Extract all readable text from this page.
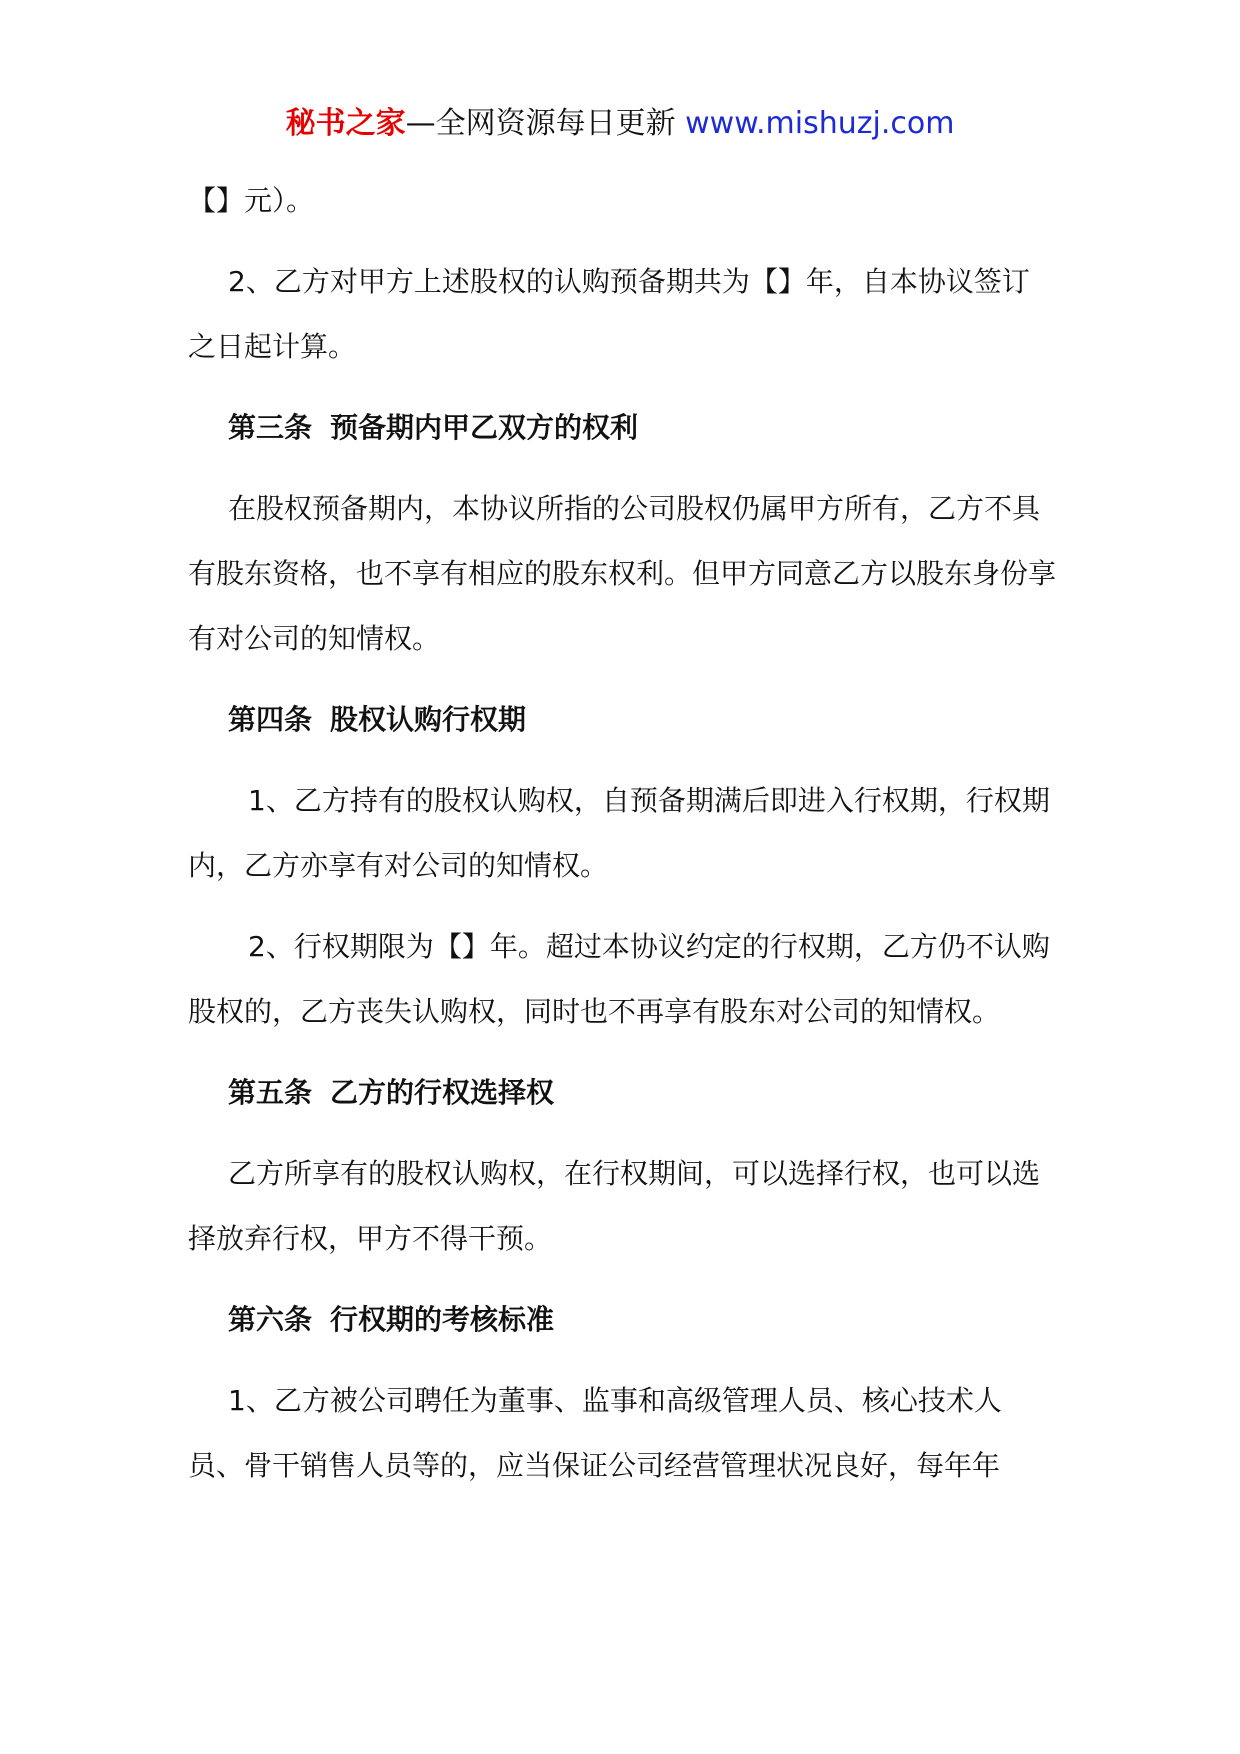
秘书之家—全网资源每日更新 www.mishuzj.com

【】元）。

2、乙方对甲方上述股权的认购预备期共为【】年，自本协议签订之日起计算。

第三条 预备期内甲乙双方的权利

在股权预备期内，本协议所指的公司股权仍属甲方所有，乙方不具有股东资格，也不享有相应的股东权利。但甲方同意乙方以股东身份享有对公司的知情权。

第四条 股权认购行权期

1、乙方持有的股权认购权，自预备期满后即进入行权期，行权期内，乙方亦享有对公司的知情权。

2、行权期限为【】年。超过本协议约定的行权期，乙方仍不认购股权的，乙方丧失认购权，同时也不再享有股东对公司的知情权。

第五条 乙方的行权选择权

乙方所享有的股权认购权，在行权期间，可以选择行权，也可以选择放弃行权，甲方不得干预。

第六条 行权期的考核标准

1、乙方被公司聘任为董事、监事和高级管理人员、核心技术人员、骨干销售人员等的，应当保证公司经营管理状况良好，每年年
